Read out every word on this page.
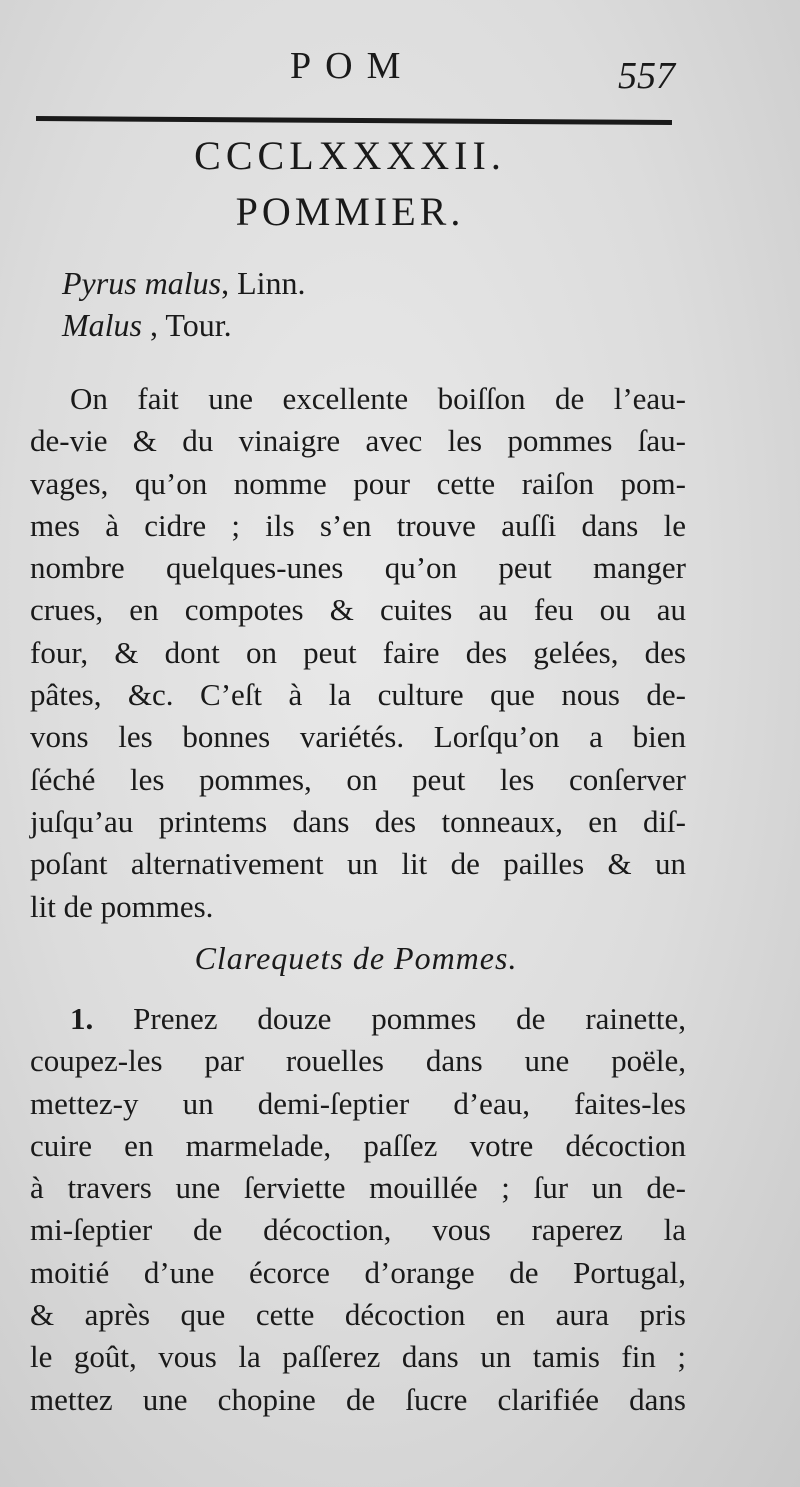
POM	557
CCCLXXXXII.
POMMIER.
Pyrus malus, Linn.
Malus , Tour.
On fait une excellente boiſſon de l’eau-
de-vie & du vinaigre avec les pommes ſau-
vages, qu’on nomme pour cette raiſon pom-
mes à cidre ; ils s’en trouve auſſi dans le
nombre quelques-unes qu’on peut manger
crues, en compotes & cuites au feu ou au
four, & dont on peut faire des gelées, des
pâtes, &c. C’eſt à la culture que nous de-
vons les bonnes variétés. Lorſqu’on a bien
ſéché les pommes, on peut les conſerver
juſqu’au printems dans des tonneaux, en diſ-
poſant alternativement un lit de pailles & un
lit de pommes.
Clarequets de Pommes.
1. Prenez douze pommes de rainette,
coupez-les par rouelles dans une poële,
mettez-y un demi-ſeptier d’eau, faites-les
cuire en marmelade, paſſez votre décoction
à travers une ſerviette mouillée ; ſur un de-
mi-ſeptier de décoction, vous raperez la
moitié d’une écorce d’orange de Portugal,
& après que cette décoction en aura pris
le goût, vous la paſſerez dans un tamis fin ;
mettez une chopine de ſucre clarifiée dans
